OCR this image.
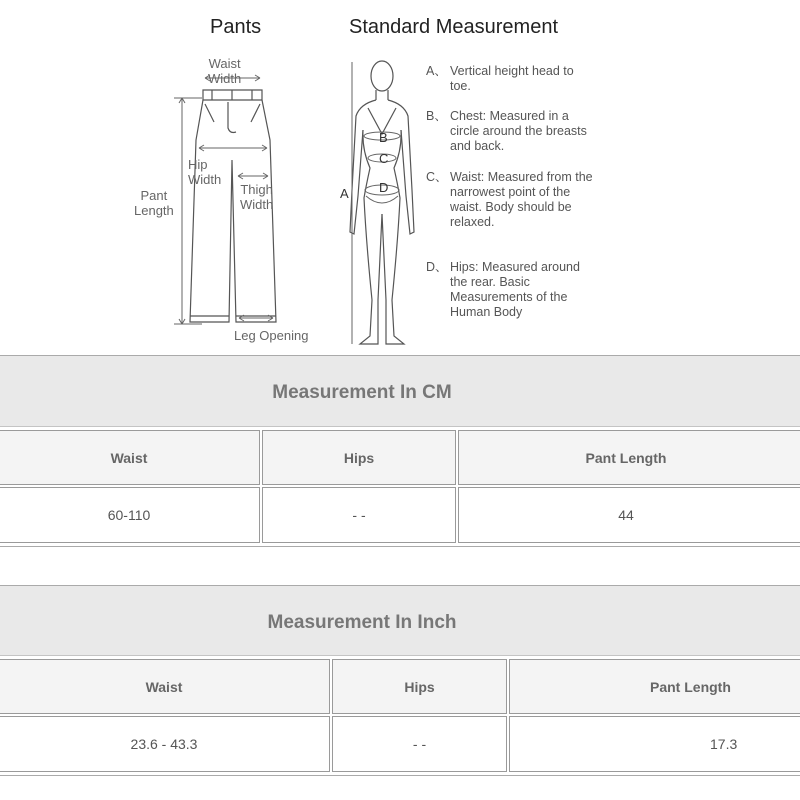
Pants	Standard Measurement
Waist
Width
Hip
Width
Thigh
Width
Pant
Length
Leg Opening
B
C
D
A
A、 Vertical height head to toe.
B、 Chest: Measured in a circle around the breasts and back.
C、 Waist: Measured from the narrowest point of the waist. Body should be relaxed.
D、 Hips: Measured around the rear. Basic Measurements of the Human Body
Measurement In CM
Waist	Hips	Pant Length
60-110	- -	44
Measurement In Inch
Waist	Hips	Pant Length
23.6 - 43.3	- -	17.3
